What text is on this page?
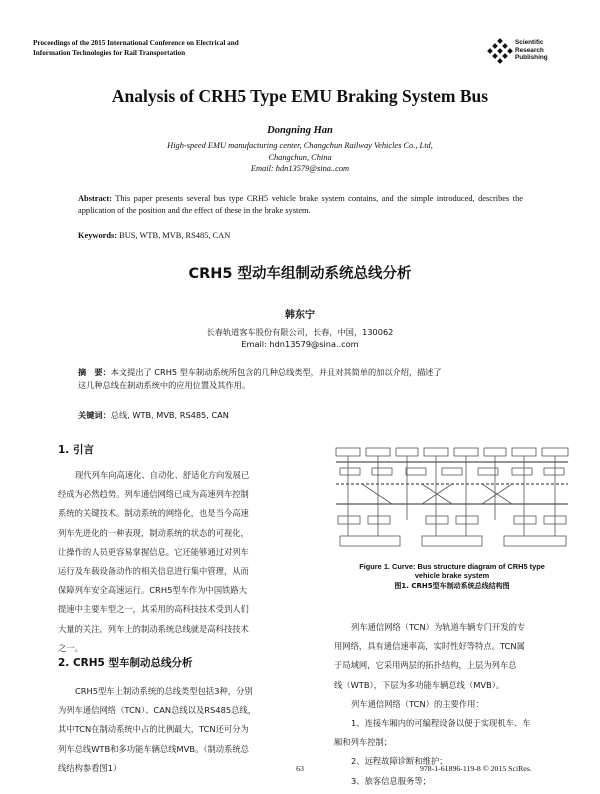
Proceedings of the 2015 International Conference on Electrical and
Information Technologies for Rail Transportation
Scientific
Research
Publishing
Analysis of CRH5 Type EMU Braking System Bus
Dongning Han
High-speed EMU manufacturing center, Changchun Railway Vehicles Co., Ltd,
Changchun, China
Email: hdn13579@sina..com
Abstract: This paper presents several bus type CRH5 vehicle brake system contains, and the simple introduced, describes the application of the position and the effect of these in the brake system.
Keywords: BUS, WTB, MVB, RS485, CAN
CRH5 型动车组制动系统总线分析
韩东宁
长春轨道客车股份有限公司，长春，中国，130062
Email: hdn13579@sina..com
摘　要：本文提出了 CRH5 型车制动系统所包含的几种总线类型，并且对其简单的加以介绍，描述了
这几种总线在制动系统中的应用位置及其作用。
关键词：总线, WTB, MVB, RS485, CAN
1. 引言
现代列车向高速化、自动化、舒适化方向发展已
经成为必然趋势。列车通信网络已成为高速列车控制
系统的关键技术。制动系统的网络化，也是当今高速
列车先进化的一种表现，制动系统的状态的可视化，
让操作的人员更容易掌握信息。它还能够通过对列车
运行及车载设备动作的相关信息进行集中管理，从而
保障列车安全高速运行。CRH5型车作为中国铁路大
提速中主要车型之一，其采用的高科技技术受到人们
大量的关注，列车上的制动系统总线就是高科技技术
之一。
2. CRH5 型车制动总线分析
CRH5型车上制动系统的总线类型包括3种，分别
为列车通信网络（TCN）、CAN总线以及RS485总线，
其中TCN在制动系统中占的比例最大，TCN还可分为
列车总线WTB和多功能车辆总线MVB。（制动系统总
线结构参看图1）
Figure 1. Curve: Bus structure diagram of CRH5 type
vehicle brake system
图1. CRH5型车制动系统总线结构图
列车通信网络（TCN）为轨道车辆专门开发的专
用网络，具有通信速率高，实时性好等特点。TCN属
于局域网，它采用两层的拓扑结构，上层为列车总
线（WTB），下层为多功能车辆总线（MVB）。
列车通信网络（TCN）的主要作用：
1、连接车厢内的可编程设备以便于实现机车、车
厢和列车控制；
2、远程故障诊断和维护；
3、旅客信息服务等；
63	978-1-61896-119-8 © 2015 SciRes.
